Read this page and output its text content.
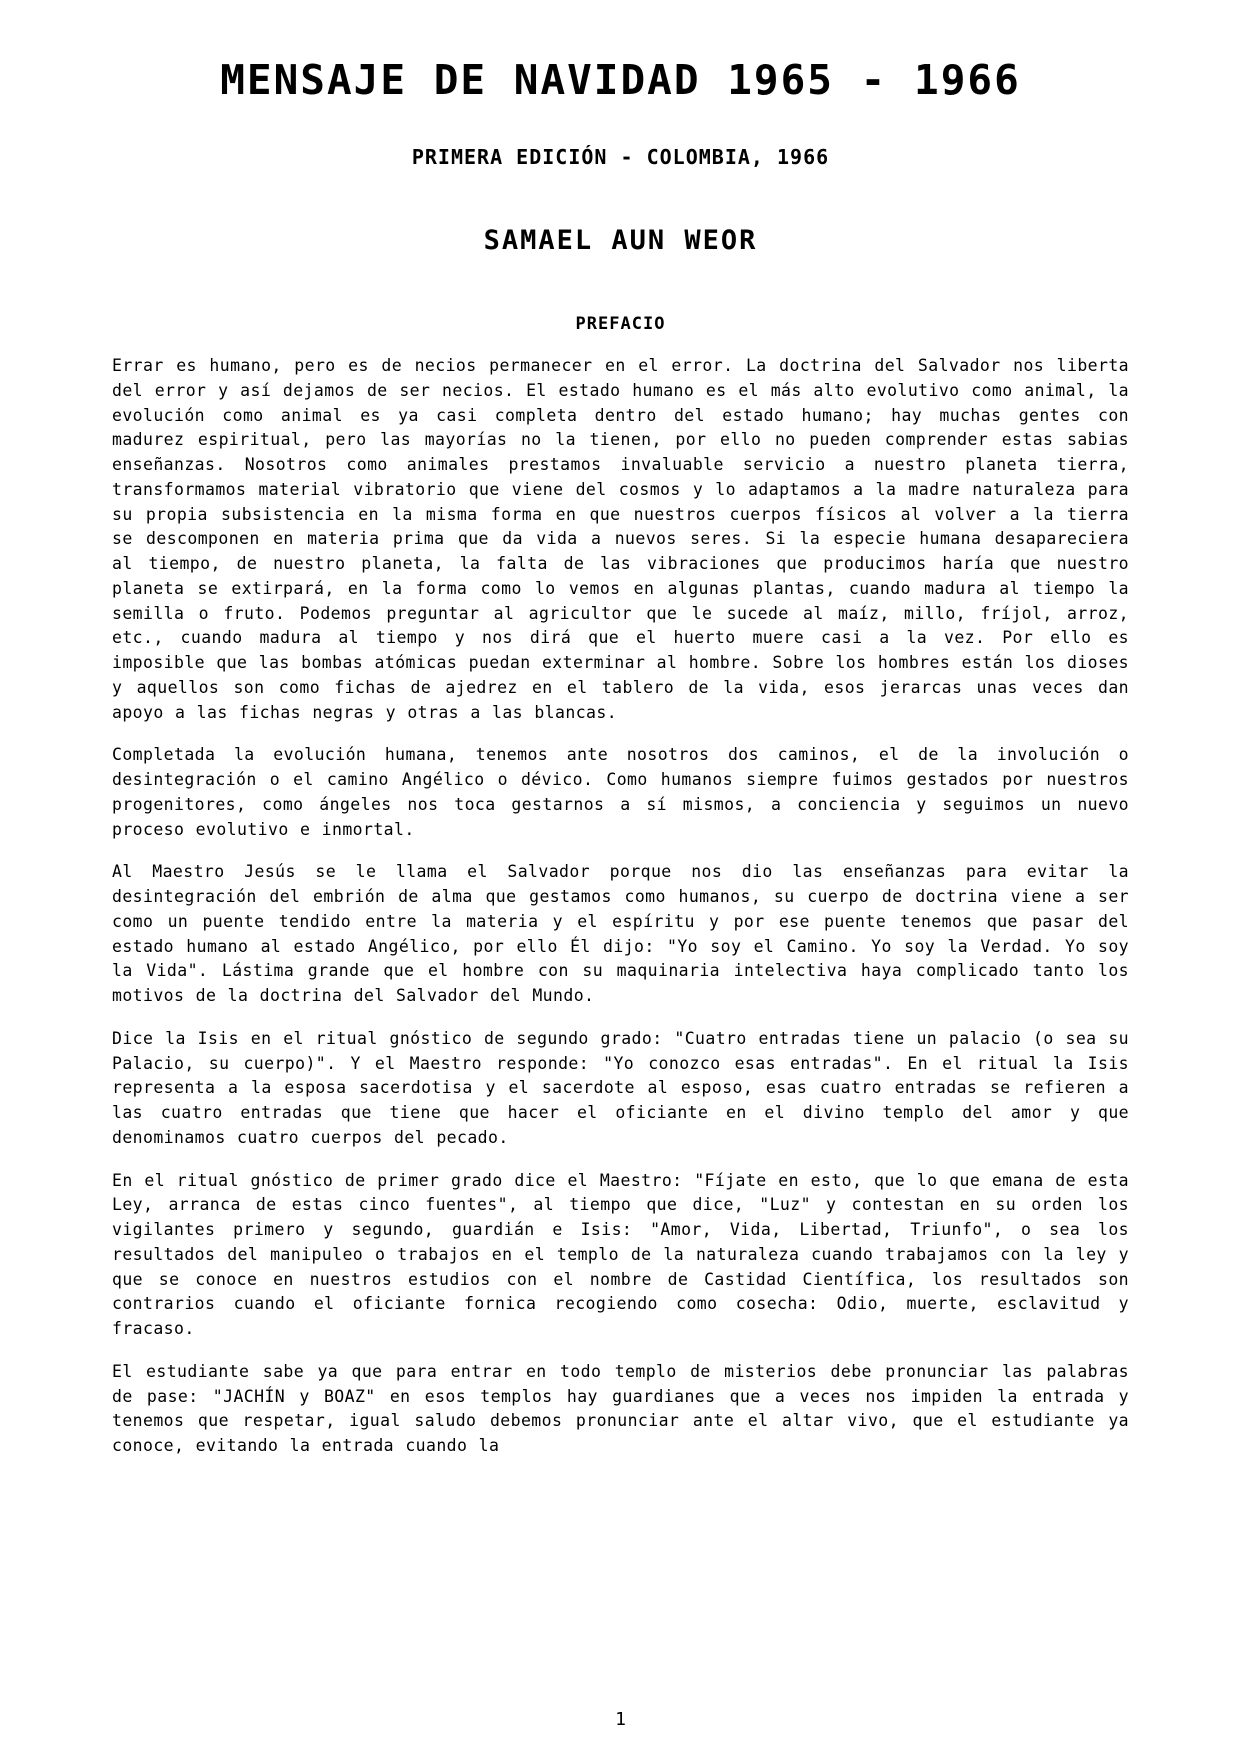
MENSAJE DE NAVIDAD 1965 - 1966
PRIMERA EDICIÓN - COLOMBIA, 1966
SAMAEL AUN WEOR
PREFACIO

Errar es humano, pero es de necios permanecer en el error. La doctrina del Salvador nos liberta del error y así dejamos de ser necios. El estado humano es el más alto evolutivo como animal, la evolución como animal es ya casi completa dentro del estado humano; hay muchas gentes con madurez espiritual, pero las mayorías no la tienen, por ello no pueden comprender estas sabias enseñanzas. Nosotros como animales prestamos invaluable servicio a nuestro planeta tierra, transformamos material vibratorio que viene del cosmos y lo adaptamos a la madre naturaleza para su propia subsistencia en la misma forma en que nuestros cuerpos físicos al volver a la tierra se descomponen en materia prima que da vida a nuevos seres. Si la especie humana desapareciera al tiempo, de nuestro planeta, la falta de las vibraciones que producimos haría que nuestro planeta se extirpará, en la forma como lo vemos en algunas plantas, cuando madura al tiempo la semilla o fruto. Podemos preguntar al agricultor que le sucede al maíz, millo, fríjol, arroz, etc., cuando madura al tiempo y nos dirá que el huerto muere casi a la vez. Por ello es imposible que las bombas atómicas puedan exterminar al hombre. Sobre los hombres están los dioses y aquellos son como fichas de ajedrez en el tablero de la vida, esos jerarcas unas veces dan apoyo a las fichas negras y otras a las blancas.

Completada la evolución humana, tenemos ante nosotros dos caminos, el de la involución o desintegración o el camino Angélico o dévico. Como humanos siempre fuimos gestados por nuestros progenitores, como ángeles nos toca gestarnos a sí mismos, a conciencia y seguimos un nuevo proceso evolutivo e inmortal.

Al Maestro Jesús se le llama el Salvador porque nos dio las enseñanzas para evitar la desintegración del embrión de alma que gestamos como humanos, su cuerpo de doctrina viene a ser como un puente tendido entre la materia y el espíritu y por ese puente tenemos que pasar del estado humano al estado Angélico, por ello Él dijo: "Yo soy el Camino. Yo soy la Verdad. Yo soy la Vida". Lástima grande que el hombre con su maquinaria intelectiva haya complicado tanto los motivos de la doctrina del Salvador del Mundo.

Dice la Isis en el ritual gnóstico de segundo grado: "Cuatro entradas tiene un palacio (o sea su Palacio, su cuerpo)". Y el Maestro responde: "Yo conozco esas entradas". En el ritual la Isis representa a la esposa sacerdotisa y el sacerdote al esposo, esas cuatro entradas se refieren a las cuatro entradas que tiene que hacer el oficiante en el divino templo del amor y que denominamos cuatro cuerpos del pecado.

En el ritual gnóstico de primer grado dice el Maestro: "Fíjate en esto, que lo que emana de esta Ley, arranca de estas cinco fuentes", al tiempo que dice, "Luz" y contestan en su orden los vigilantes primero y segundo, guardián e Isis: "Amor, Vida, Libertad, Triunfo", o sea los resultados del manipuleo o trabajos en el templo de la naturaleza cuando trabajamos con la ley y que se conoce en nuestros estudios con el nombre de Castidad Científica, los resultados son contrarios cuando el oficiante fornica recogiendo como cosecha: Odio, muerte, esclavitud y fracaso.

El estudiante sabe ya que para entrar en todo templo de misterios debe pronunciar las palabras de pase: "JACHÍN y BOAZ" en esos templos hay guardianes que a veces nos impiden la entrada y tenemos que respetar, igual saludo debemos pronunciar ante el altar vivo, que el estudiante ya conoce, evitando la entrada cuando la

1
